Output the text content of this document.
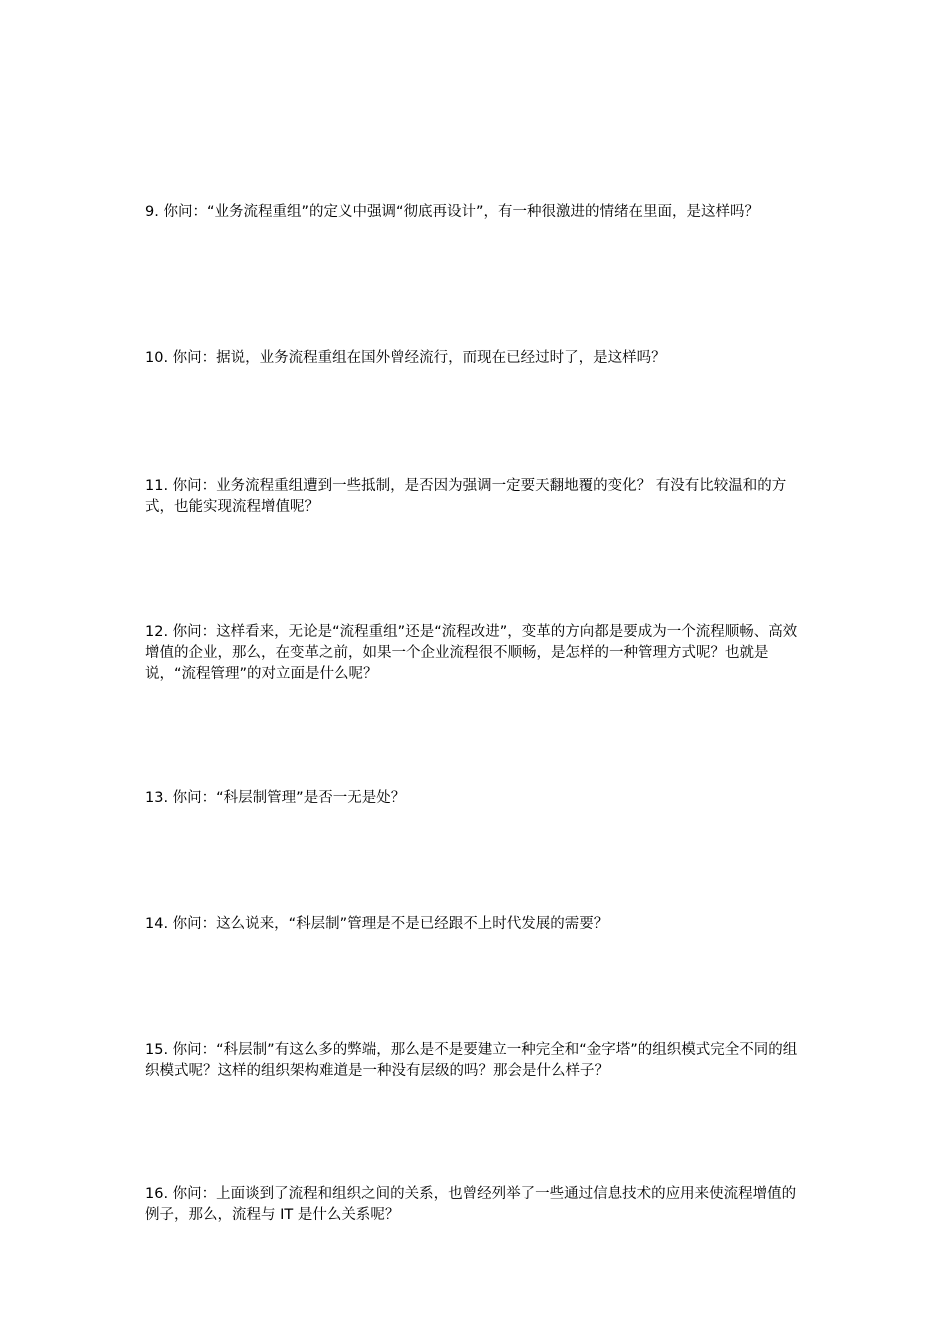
9. 你问：“业务流程重组”的定义中强调“彻底再设计”，有一种很激进的情绪在里面，是这样吗？

10. 你问：据说，业务流程重组在国外曾经流行，而现在已经过时了，是这样吗？

11. 你问：业务流程重组遭到一些抵制，是否因为强调一定要天翻地覆的变化？ 有没有比较温和的方式，也能实现流程增值呢？

12. 你问：这样看来，无论是“流程重组”还是“流程改进”，变革的方向都是要成为一个流程顺畅、高效增值的企业，那么，在变革之前，如果一个企业流程很不顺畅，是怎样的一种管理方式呢？也就是说，“流程管理”的对立面是什么呢？

13. 你问：“科层制管理”是否一无是处？

14. 你问：这么说来，“科层制”管理是不是已经跟不上时代发展的需要？

15. 你问：“科层制”有这么多的弊端，那么是不是要建立一种完全和“金字塔”的组织模式完全不同的组织模式呢？这样的组织架构难道是一种没有层级的吗？那会是什么样子？

16. 你问：上面谈到了流程和组织之间的关系，也曾经列举了一些通过信息技术的应用来使流程增值的例子，那么，流程与 IT 是什么关系呢？
